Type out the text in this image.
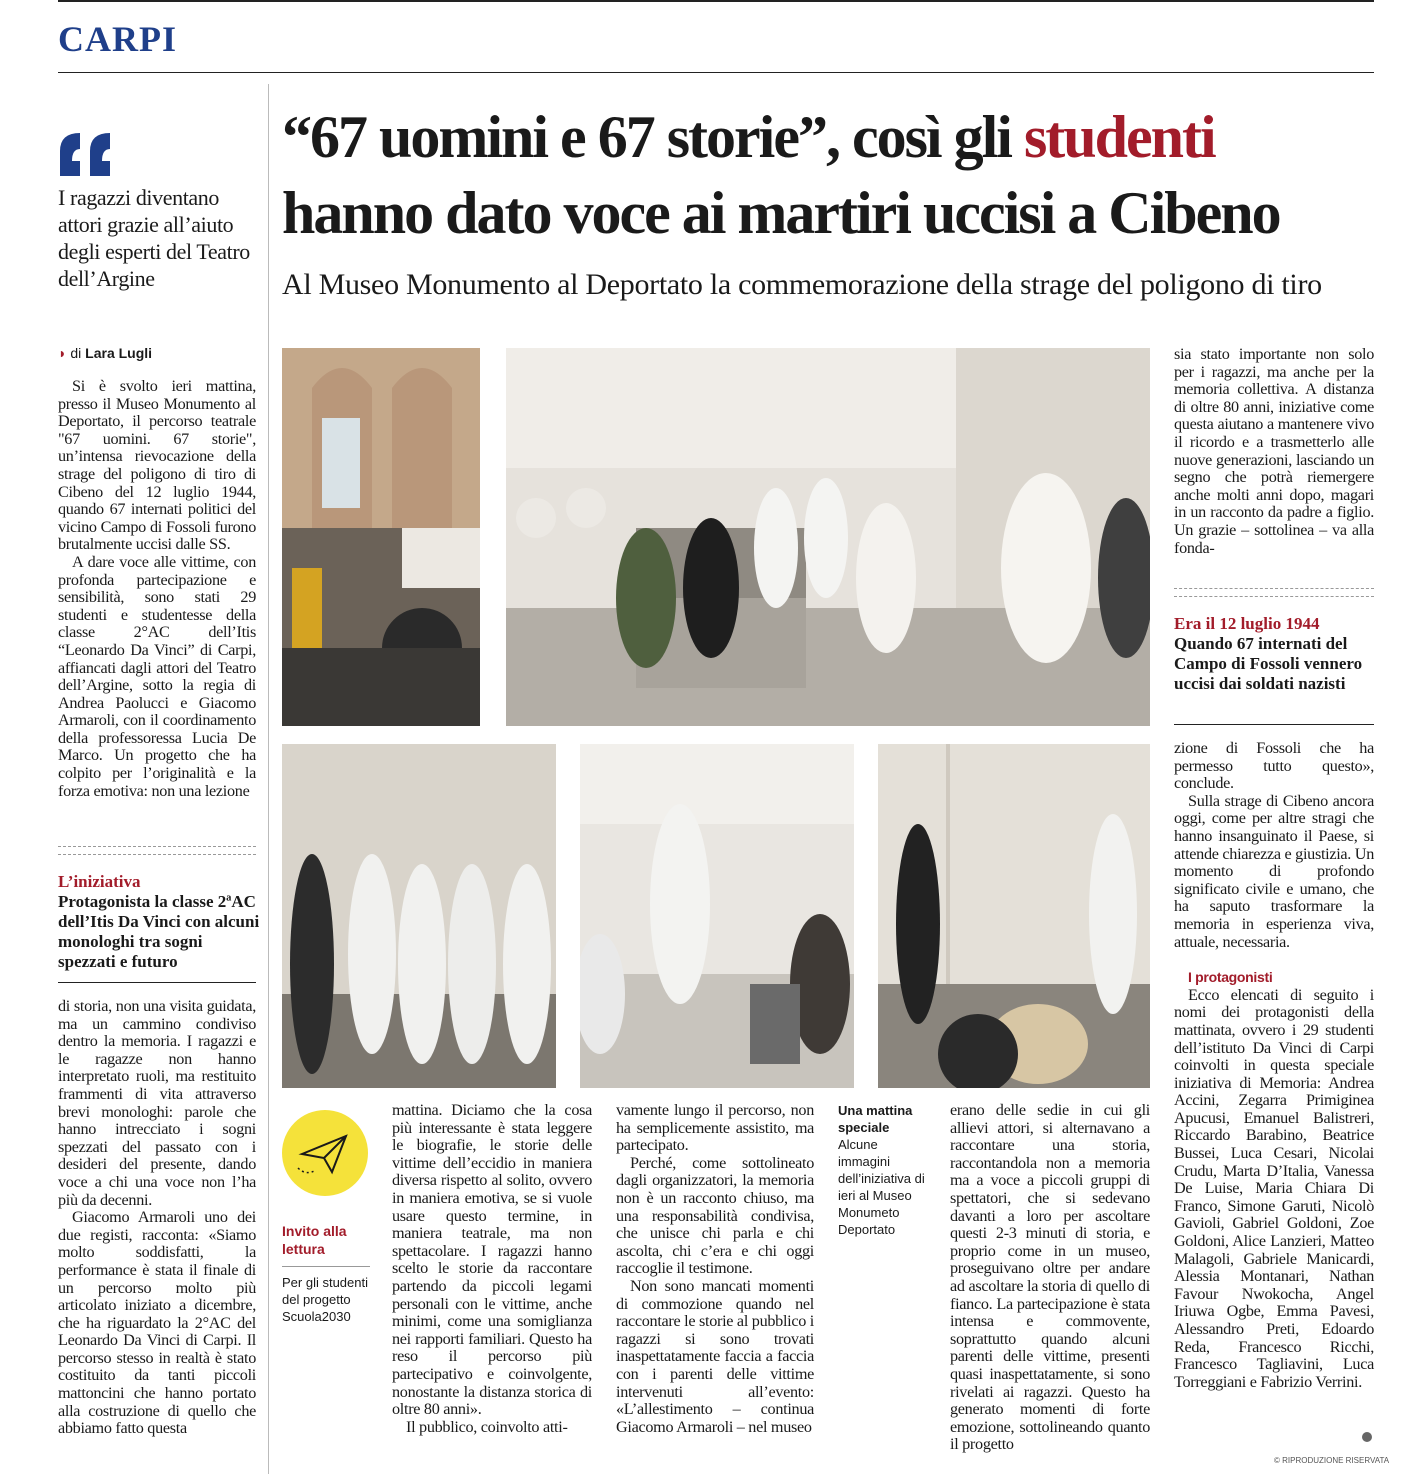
CARPI
I ragazzi diventano attori grazie all’aiuto degli esperti del Teatro dell’Argine
◗ di Lara Lugli
“67 uomini e 67 storie”, così gli studenti
hanno dato voce ai martiri uccisi a Cibeno
Al Museo Monumento al Deportato la commemorazione della strage del poligono di tiro

Si è svolto ieri mattina, presso il Museo Monumento al Deportato, il percorso teatrale "67 uomini. 67 storie", un’intensa rievocazione della strage del poligono di tiro di Cibeno del 12 luglio 1944, quando 67 internati politici del vicino Campo di Fossoli furono brutalmente uccisi dalle SS.

A dare voce alle vittime, con profonda partecipazione e sensibilità, sono stati 29 studenti e studentesse della classe 2°AC dell’Itis “Leonardo Da Vinci” di Carpi, affiancati dagli attori del Teatro dell’Argine, sotto la regia di Andrea Paolucci e Giacomo Armaroli, con il coordinamento della professoressa Lucia De Marco. Un progetto che ha colpito per l’originalità e la forza emotiva: non una lezione

L’iniziativa
Protagonista la classe 2ªAC dell’Itis Da Vinci con alcuni monologhi tra sogni spezzati e futuro

di storia, non una visita guidata, ma un cammino condiviso dentro la memoria. I ragazzi e le ragazze non hanno interpretato ruoli, ma restituito frammenti di vita attraverso brevi monologhi: parole che hanno intrecciato i sogni spezzati del passato con i desideri del presente, dando voce a chi una voce non l’ha più da decenni.

Giacomo Armaroli uno dei due registi, racconta: «Siamo molto soddisfatti, la performance è stata il finale di un percorso molto più articolato iniziato a dicembre, che ha riguardato la 2°AC del Leonardo Da Vinci di Carpi. Il percorso stesso in realtà è stato costituito da tanti piccoli mattoncini che hanno portato alla costruzione di quello che abbiamo fatto questa

Invito alla lettura
Per gli studenti del progetto Scuola2030

mattina. Diciamo che la cosa più interessante è stata leggere le biografie, le storie delle vittime dell’eccidio in maniera diversa rispetto al solito, ovvero in maniera emotiva, se si vuole usare questo termine, in maniera teatrale, ma non spettacolare. I ragazzi hanno scelto le storie da raccontare partendo da piccoli legami personali con le vittime, anche minimi, come una somiglianza nei rapporti familiari. Questo ha reso il percorso più partecipativo e coinvolgente, nonostante la distanza storica di oltre 80 anni».

Il pubblico, coinvolto atti-

vamente lungo il percorso, non ha semplicemente assistito, ma partecipato.

Perché, come sottolineato dagli organizzatori, la memoria non è un racconto chiuso, ma una responsabilità condivisa, che unisce chi parla e chi ascolta, chi c’era e chi oggi raccoglie il testimone.

Non sono mancati momenti di commozione quando nel raccontare le storie al pubblico i ragazzi si sono trovati inaspettatamente faccia a faccia con i parenti delle vittime intervenuti all’evento: «L’allestimento – continua Giacomo Armaroli – nel museo

Una mattina speciale
Alcune immagini dell’iniziativa di ieri al Museo Monumeto Deportato

erano delle sedie in cui gli allievi attori, si alternavano a raccontare una storia, raccontandola non a memoria ma a voce a piccoli gruppi di spettatori, che si sedevano davanti a loro per ascoltare questi 2-3 minuti di storia, e proprio come in un museo, proseguivano oltre per andare ad ascoltare la storia di quello di fianco. La partecipazione è stata intensa e commovente, soprattutto quando alcuni parenti delle vittime, presenti quasi inaspettatamente, si sono rivelati ai ragazzi. Questo ha generato momenti di forte emozione, sottolineando quanto il progetto

sia stato importante non solo per i ragazzi, ma anche per la memoria collettiva. A distanza di oltre 80 anni, iniziative come questa aiutano a mantenere vivo il ricordo e a trasmetterlo alle nuove generazioni, lasciando un segno che potrà riemergere anche molti anni dopo, magari in un racconto da padre a figlio. Un grazie – sottolinea – va alla fonda-

Era il 12 luglio 1944
Quando 67 internati del Campo di Fossoli vennero uccisi dai soldati nazisti

zione di Fossoli che ha permesso tutto questo», conclude.

Sulla strage di Cibeno ancora oggi, come per altre stragi che hanno insanguinato il Paese, si attende chiarezza e giustizia. Un momento di profondo significato civile e umano, che ha saputo trasformare la memoria in esperienza viva, attuale, necessaria.

I protagonisti

Ecco elencati di seguito i nomi dei protagonisti della mattinata, ovvero i 29 studenti dell’istituto Da Vinci di Carpi coinvolti in questa speciale iniziativa di Memoria: Andrea Accini, Zegarra Primiginea Apucusi, Emanuel Balistreri, Riccardo Barabino, Beatrice Bussei, Luca Cesari, Nicolai Crudu, Marta D’Italia, Vanessa De Luise, Maria Chiara Di Franco, Simone Garuti, Nicolò Gavioli, Gabriel Goldoni, Zoe Goldoni, Alice Lanzieri, Matteo Malagoli, Gabriele Manicardi, Alessia Montanari, Nathan Favour Nwokocha, Angel Iriuwa Ogbe, Emma Pavesi, Alessandro Preti, Edoardo Reda, Francesco Ricchi, Francesco Tagliavini, Luca Torreggiani e Fabrizio Verrini.

© RIPRODUZIONE RISERVATA
